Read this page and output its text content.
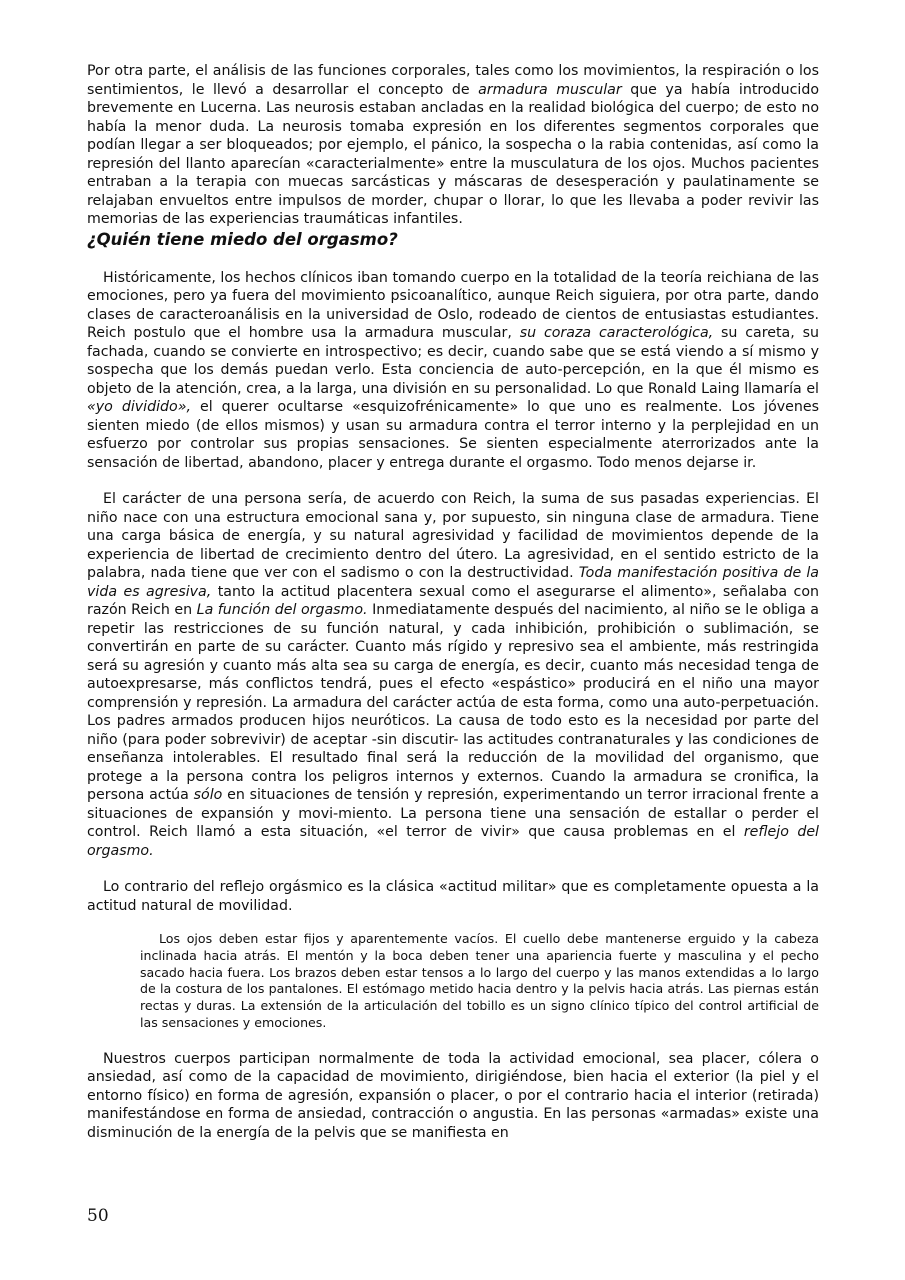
Por otra parte, el análisis de las funciones corporales, tales como los movimientos, la respiración o los sentimientos, le llevó a desarrollar el concepto de armadura muscular que ya había introducido brevemente en Lucerna. Las neurosis estaban ancladas en la realidad biológica del cuerpo; de esto no había la menor duda. La neurosis tomaba expresión en los diferentes segmentos corporales que podían llegar a ser bloqueados; por ejemplo, el pánico, la sospecha o la rabia contenidas, así como la represión del llanto aparecían «caracterialmente» entre la musculatura de los ojos. Muchos pacientes entraban a la terapia con muecas sarcásticas y máscaras de desesperación y paulatinamente se relajaban envueltos entre impulsos de morder, chupar o llorar, lo que les llevaba a poder revivir las memorias de las experiencias traumáticas infantiles.

¿Quién tiene miedo del orgasmo?

Históricamente, los hechos clínicos iban tomando cuerpo en la totalidad de la teoría reichiana de las emociones, pero ya fuera del movimiento psicoanalítico, aunque Reich siguiera, por otra parte, dando clases de caracteroanálisis en la universidad de Oslo, rodeado de cientos de entusiastas estudiantes. Reich postulo que el hombre usa la armadura muscular, su coraza caracterológica, su careta, su fachada, cuando se convierte en introspectivo; es decir, cuando sabe que se está viendo a sí mismo y sospecha que los demás puedan verlo. Esta conciencia de auto-percepción, en la que él mismo es objeto de la atención, crea, a la larga, una división en su personalidad. Lo que Ronald Laing llamaría el «yo dividido», el querer ocultarse «esquizofrénicamente» lo que uno es realmente. Los jóvenes sienten miedo (de ellos mismos) y usan su armadura contra el terror interno y la perplejidad en un esfuerzo por controlar sus propias sensaciones. Se sienten especialmente aterrorizados ante la sensación de libertad, abandono, placer y entrega durante el orgasmo. Todo menos dejarse ir.

El carácter de una persona sería, de acuerdo con Reich, la suma de sus pasadas experiencias. El niño nace con una estructura emocional sana y, por supuesto, sin ninguna clase de armadura. Tiene una carga básica de energía, y su natural agresividad y facilidad de movimientos depende de la experiencia de libertad de crecimiento dentro del útero. La agresividad, en el sentido estricto de la palabra, nada tiene que ver con el sadismo o con la destructividad. Toda manifestación positiva de la vida es agresiva, tanto la actitud placentera sexual como el asegurarse el alimento», señalaba con razón Reich en La función del orgasmo. Inmediatamente después del nacimiento, al niño se le obliga a repetir las restricciones de su función natural, y cada inhibición, prohibición o sublimación, se convertirán en parte de su carácter. Cuanto más rígido y represivo sea el ambiente, más restringida será su agresión y cuanto más alta sea su carga de energía, es decir, cuanto más necesidad tenga de autoexpresarse, más conflictos tendrá, pues el efecto «espástico» producirá en el niño una mayor comprensión y represión. La armadura del carácter actúa de esta forma, como una auto-perpetuación. Los padres armados producen hijos neuróticos. La causa de todo esto es la necesidad por parte del niño (para poder sobrevivir) de aceptar -sin discutir- las actitudes contranaturales y las condiciones de enseñanza intolerables. El resultado final será la reducción de la movilidad del organismo, que protege a la persona contra los peligros internos y externos. Cuando la armadura se cronifica, la persona actúa sólo en situaciones de tensión y represión, experimentando un terror irracional frente a situaciones de expansión y movi-miento. La persona tiene una sensación de estallar o perder el control. Reich llamó a esta situación, «el terror de vivir» que causa problemas en el reflejo del orgasmo.

Lo contrario del reflejo orgásmico es la clásica «actitud militar» que es completamente opuesta a la actitud natural de movilidad.

Los ojos deben estar fijos y aparentemente vacíos. El cuello debe mantenerse erguido y la cabeza inclinada hacia atrás. El mentón y la boca deben tener una apariencia fuerte y masculina y el pecho sacado hacia fuera. Los brazos deben estar tensos a lo largo del cuerpo y las manos extendidas a lo largo de la costura de los pantalones. El estómago metido hacia dentro y la pelvis hacia atrás. Las piernas están rectas y duras. La extensión de la articulación del tobillo es un signo clínico típico del control artificial de las sensaciones y emociones.

Nuestros cuerpos participan normalmente de toda la actividad emocional, sea placer, cólera o ansiedad, así como de la capacidad de movimiento, dirigiéndose, bien hacia el exterior (la piel y el entorno físico) en forma de agresión, expansión o placer, o por el contrario hacia el interior (retirada) manifestándose en forma de ansiedad, contracción o angustia. En las personas «armadas» existe una disminución de la energía de la pelvis que se manifiesta en

50
